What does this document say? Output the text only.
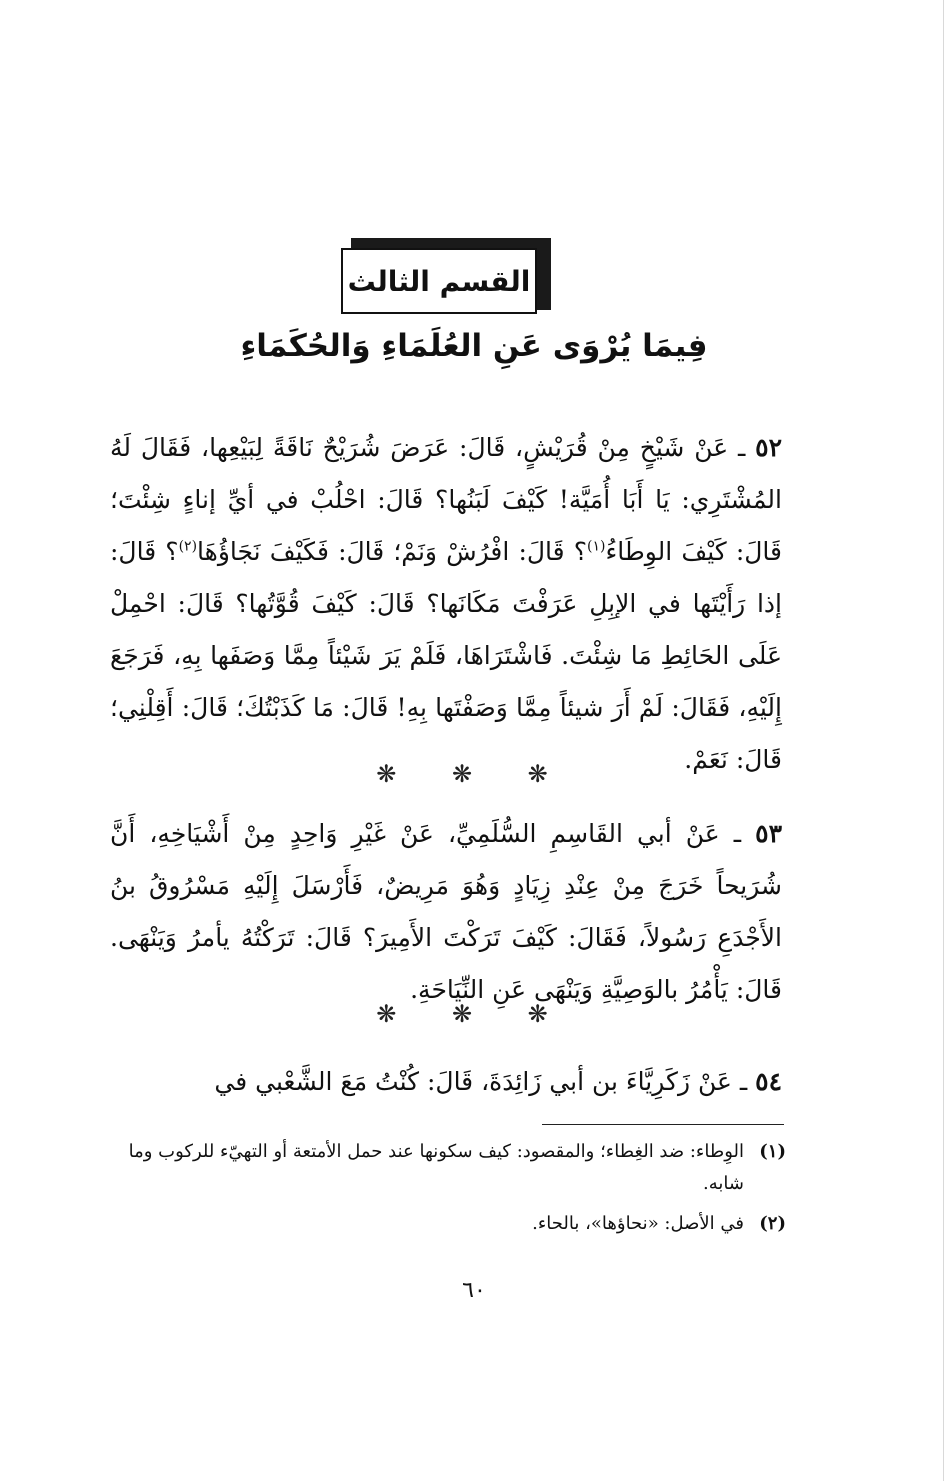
القسم الثالث
فِيمَا يُرْوَى عَنِ العُلَمَاءِ وَالحُكَمَاءِ

٥٢ ـ عَنْ شَيْخٍ مِنْ قُرَيْشٍ، قَالَ: عَرَضَ شُرَيْحٌ نَاقَةً لِبَيْعِها، فَقَالَ لَهُ المُشْتَرِي: يَا أَبَا أُمَيَّة! كَيْفَ لَبَنُها؟ قَالَ: احْلُبْ في أيِّ إناءٍ شِئْتَ؛ قَالَ: كَيْفَ الوِطَاءُ$^{(١)}$؟ قَالَ: افْرُشْ وَنَمْ؛ قَالَ: فَكَيْفَ نَجَاؤُهَا$^{(٢)}$؟ قَالَ: إذا رَأَيْتَها في الإبِلِ عَرَفْتَ مَكَانَها؟ قَالَ: كَيْفَ قُوَّتُها؟ قَالَ: احْمِلْ عَلَى الحَائِطِ مَا شِئْتَ. فَاشْتَرَاهَا، فَلَمْ يَرَ شَيْئاً مِمَّا وَصَفَها بِهِ، فَرَجَعَ إِلَيْهِ، فَقَالَ: لَمْ أَرَ شيئاً مِمَّا وَصَفْتَها بِهِ! قَالَ: مَا كَذَبْتُكَ؛ قَالَ: أَقِلْنِي؛ قَالَ: نَعَمْ.

❋ ❋ ❋

٥٣ ـ عَنْ أبي القَاسِمِ السُّلَمِيِّ، عَنْ غَيْرِ وَاحِدٍ مِنْ أَشْيَاخِهِ، أَنَّ شُرَيحاً خَرَجَ مِنْ عِنْدِ زِيَادٍ وَهُوَ مَرِيضٌ، فَأَرْسَلَ إِلَيْهِ مَسْرُوقُ بنُ الأَجْدَعِ رَسُولاً، فَقَالَ: كَيْفَ تَرَكْتَ الأَمِيرَ؟ قَالَ: تَرَكْتُهُ يأمرُ وَيَنْهَى. قَالَ: يَأْمُرُ بالوَصِيَّةِ وَيَنْهَى عَنِ النِّيَاحَةِ.

❋ ❋ ❋

٥٤ ـ عَنْ زَكَرِيَّاءَ بن أبي زَائِدَةَ، قَالَ: كُنْتُ مَعَ الشَّعْبي في

(١)الوِطاء: ضد الغِطاء؛ والمقصود: كيف سكونها عند حمل الأمتعة أو التهيّء للركوب وما شابه.

(٢)في الأصل: «نحاؤها»، بالحاء.

٦٠
